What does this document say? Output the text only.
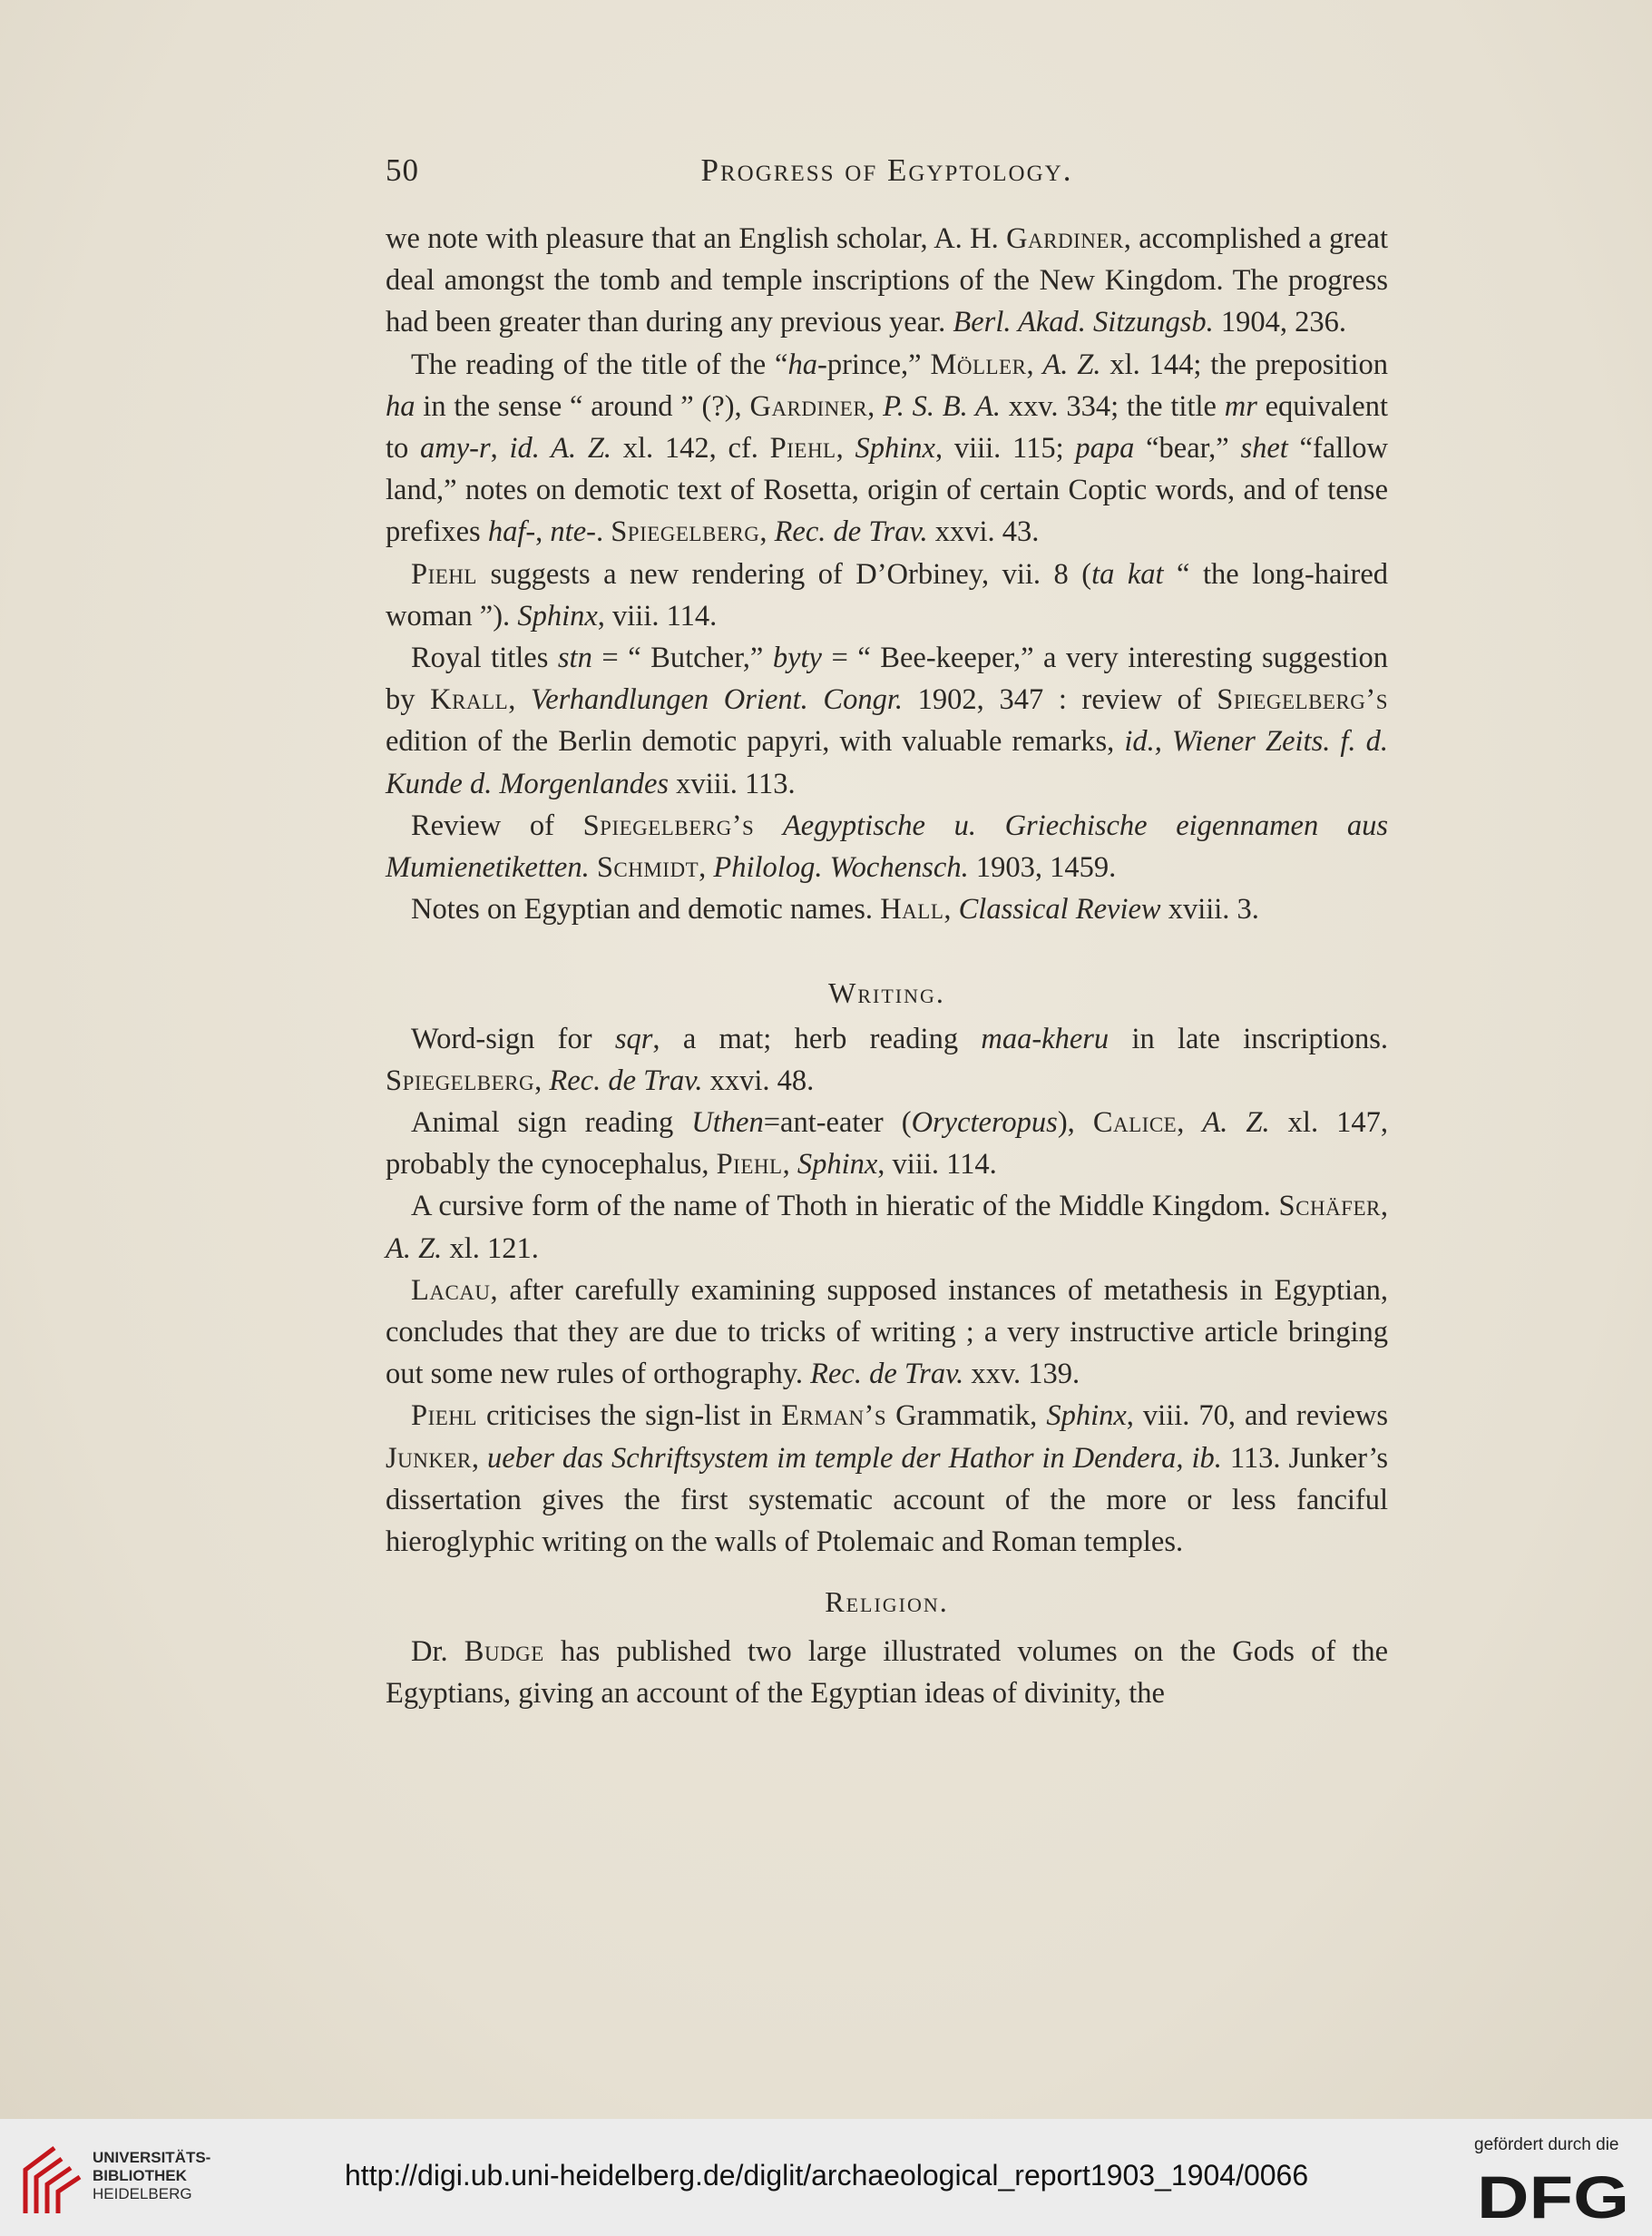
50	Progress of Egyptology.

we note with pleasure that an English scholar, A. H. Gardiner, accomplished a great deal amongst the tomb and temple inscriptions of the New Kingdom. The progress had been greater than during any previous year. Berl. Akad. Sitzungsb. 1904, 236.

The reading of the title of the “ha-prince,” Möller, A. Z. xl. 144; the preposition ha in the sense “ around ” (?), Gardiner, P. S. B. A. xxv. 334; the title mr equivalent to amy-r, id. A. Z. xl. 142, cf. Piehl, Sphinx, viii. 115; papa “bear,” shet “fallow land,” notes on demotic text of Rosetta, origin of certain Coptic words, and of tense prefixes haf-, nte-. Spiegelberg, Rec. de Trav. xxvi. 43.

Piehl suggests a new rendering of D’Orbiney, vii. 8 (ta kat “ the long-haired woman ”). Sphinx, viii. 114.

Royal titles stn = “ Butcher,” byty = “ Bee-keeper,” a very interesting suggestion by Krall, Verhandlungen Orient. Congr. 1902, 347 : review of Spiegelberg’s edition of the Berlin demotic papyri, with valuable remarks, id., Wiener Zeits. f. d. Kunde d. Morgenlandes xviii. 113.

Review of Spiegelberg’s Aegyptische u. Griechische eigennamen aus Mumienetiketten. Schmidt, Philolog. Wochensch. 1903, 1459.

Notes on Egyptian and demotic names. Hall, Classical Review xviii. 3.

Writing.

Word-sign for sqr, a mat; herb reading maa-kheru in late inscriptions. Spiegelberg, Rec. de Trav. xxvi. 48.

Animal sign reading Uthen=ant-eater (Orycteropus), Calice, A. Z. xl. 147, probably the cynocephalus, Piehl, Sphinx, viii. 114.

A cursive form of the name of Thoth in hieratic of the Middle Kingdom. Schäfer, A. Z. xl. 121.

Lacau, after carefully examining supposed instances of metathesis in Egyptian, concludes that they are due to tricks of writing ; a very instructive article bringing out some new rules of orthography. Rec. de Trav. xxv. 139.

Piehl criticises the sign-list in Erman’s Grammatik, Sphinx, viii. 70, and reviews Junker, ueber das Schriftsystem im temple der Hathor in Dendera, ib. 113. Junker’s dissertation gives the first systematic account of the more or less fanciful hieroglyphic writing on the walls of Ptolemaic and Roman temples.

Religion.

Dr. Budge has published two large illustrated volumes on the Gods of the Egyptians, giving an account of the Egyptian ideas of divinity, the

UNIVERSITÄTS-
BIBLIOTHEK
HEIDELBERG
http://digi.ub.uni-heidelberg.de/diglit/archaeological_report1903_1904/0066
gefördert durch die
DFG
